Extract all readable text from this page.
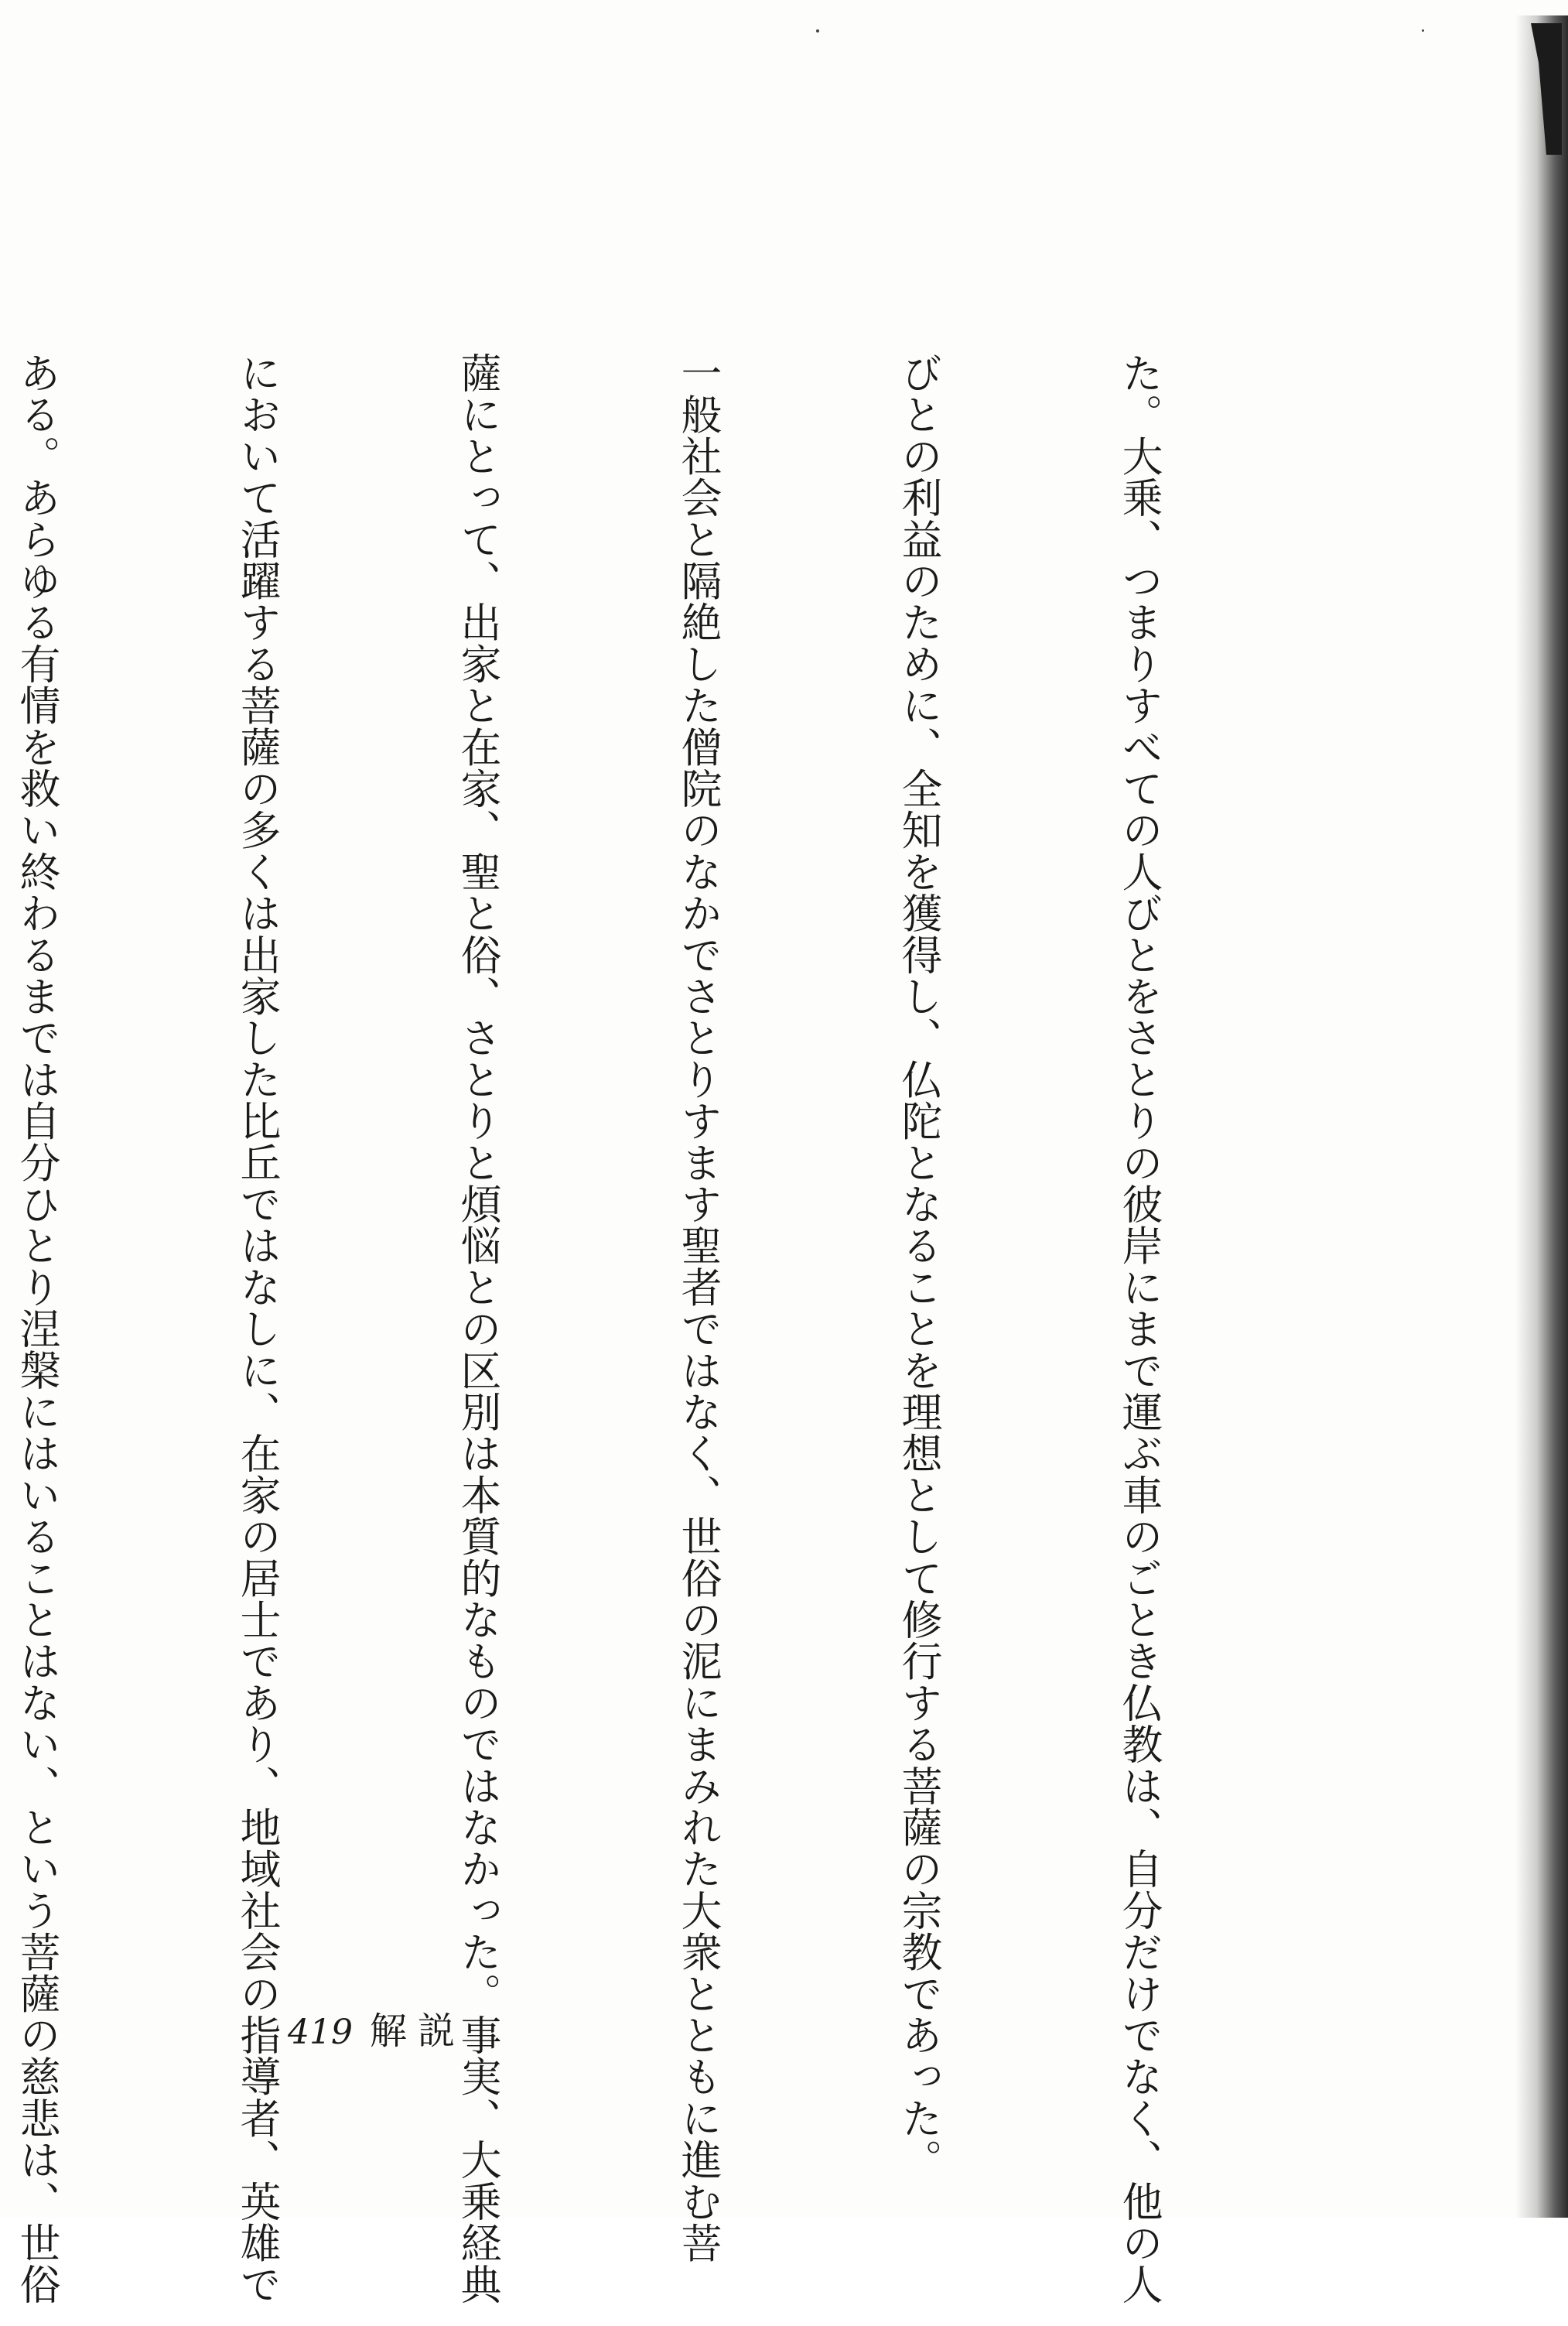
た。大乗、つまりすべての人びとをさとりの彼岸にまで運ぶ車のごとき仏教は、自分だけでなく、他の人

びとの利益のために、全知を獲得し、仏陀となることを理想として修行する菩薩の宗教であった。

一般社会と隔絶した僧院のなかでさとりすます聖者ではなく、世俗の泥にまみれた大衆とともに進む菩

薩にとって、出家と在家、聖と俗、さとりと煩悩との区別は本質的なものではなかった。事実、大乗経典

において活躍する菩薩の多くは出家した比丘ではなしに、在家の居士であり、地域社会の指導者、英雄で

ある。あらゆる有情を救い終わるまでは自分ひとり涅槃にはいることはない、という菩薩の慈悲は、世俗

	419 解説
